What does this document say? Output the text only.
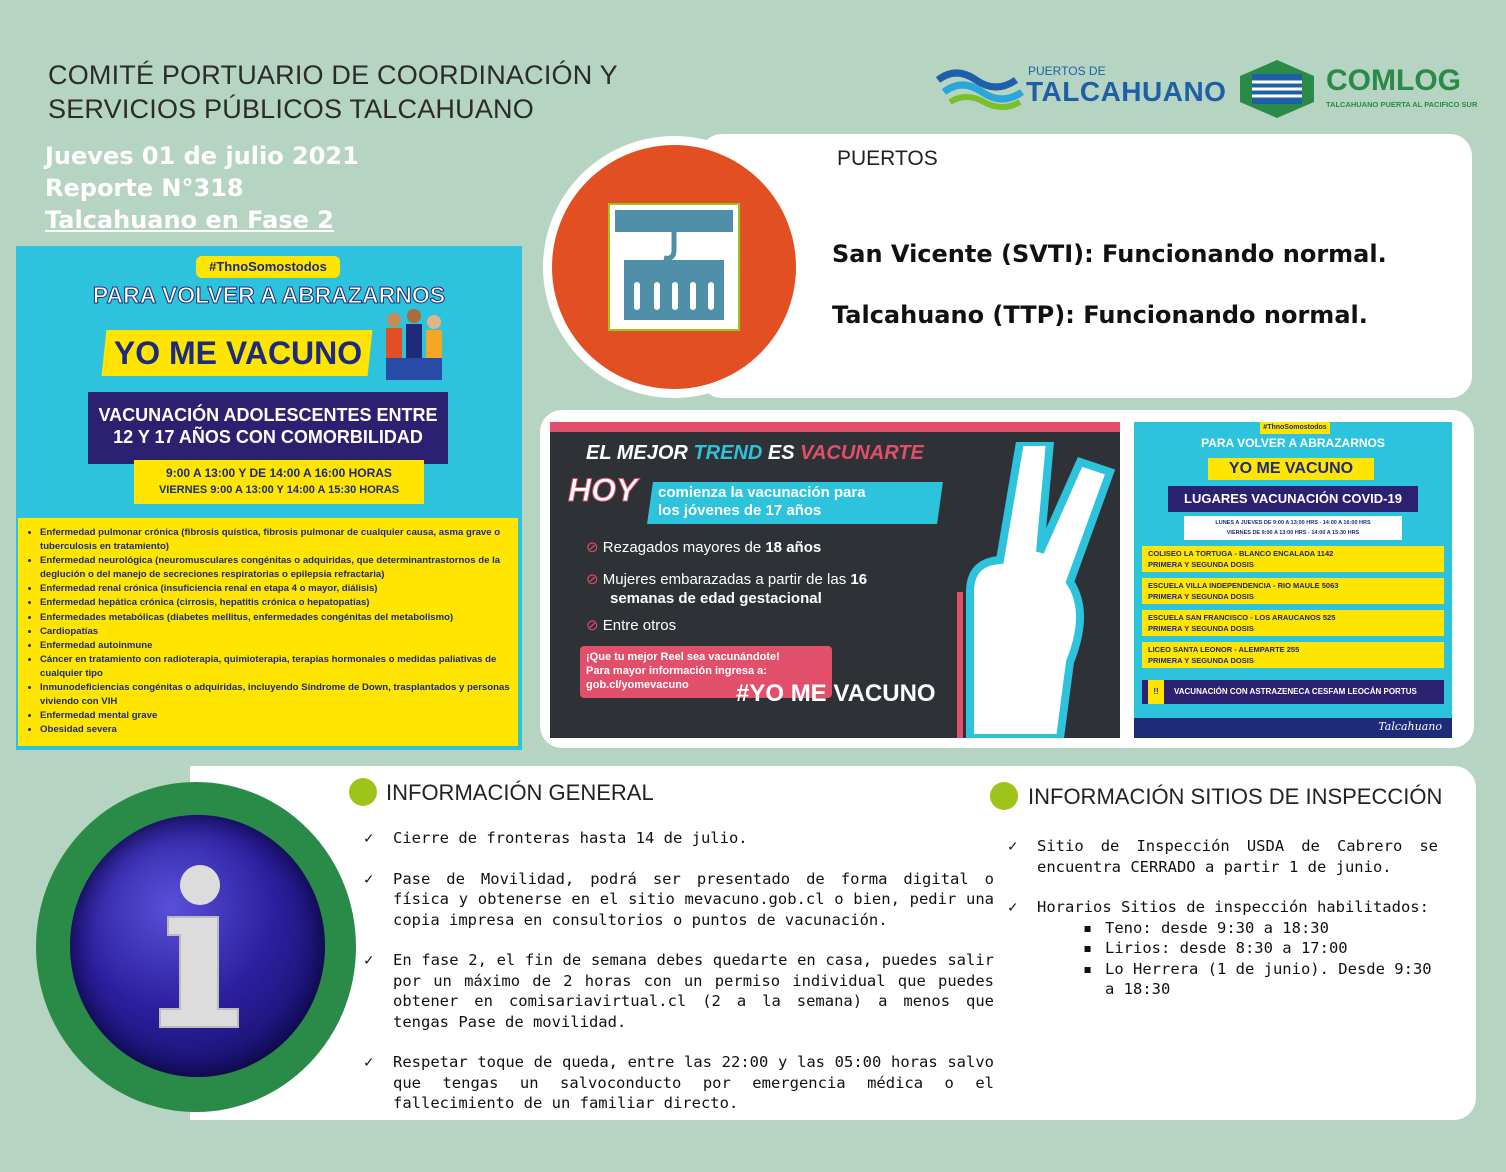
COMITÉ PORTUARIO DE COORDINACIÓN Y
SERVICIOS PÚBLICOS TALCAHUANO
Jueves 01 de julio 2021
Reporte N°318
Talcahuano en Fase 2
PUERTOS DE
TALCAHUANO	COMLOG
TALCAHUANO PUERTA AL PACIFICO SUR
PUERTOS
San Vicente (SVTI): Funcionando normal.
Talcahuano (TTP): Funcionando normal.
#ThnoSomostodos
PARA VOLVER A ABRAZARNOS
YO ME VACUNO
VACUNACIÓN ADOLESCENTES ENTRE
12 Y 17 AÑOS CON COMORBILIDAD
9:00 A 13:00 Y DE 14:00 A 16:00 HORAS
VIERNES 9:00 A 13:00 Y 14:00 A 15:30 HORAS
• Enfermedad pulmonar crónica (fibrosis quística, fibrosis pulmonar de cualquier causa, asma grave o tuberculosis en tratamiento)
• Enfermedad neurológica (neuromusculares congénitas o adquiridas, que determinantrastornos de la deglución o del manejo de secreciones respiratorias o epilepsia refractaria)
• Enfermedad renal crónica (insuficiencia renal en etapa 4 o mayor, diálisis)
• Enfermedad hepática crónica (cirrosis, hepatitis crónica o hepatopatías)
• Enfermedades metabólicas (diabetes mellitus, enfermedades congénitas del metabolismo)
• Cardiopatías
• Enfermedad autoinmune
• Cáncer en tratamiento con radioterapia, quimioterapia, terapias hormonales o medidas paliativas de cualquier tipo
• Inmunodeficiencias congénitas o adquiridas, incluyendo Síndrome de Down, trasplantados y personas viviendo con VIH
• Enfermedad mental grave
• Obesidad severa
EL MEJOR TREND ES VACUNARTE
HOY comienza la vacunación para
los jóvenes de 17 años
⊘ Rezagados mayores de 18 años
⊘ Mujeres embarazadas a partir de las 16
semanas de edad gestacional
⊘ Entre otros
¡Que tu mejor Reel sea vacunándote!
Para mayor información ingresa a:
gob.cl/yomevacuno	#YO ME VACUNO
#ThnoSomostodos
PARA VOLVER A ABRAZARNOS
YO ME VACUNO
LUGARES VACUNACIÓN COVID-19
LUNES A JUEVES DE 9:00 A 13:00 HRS - 14:00 A 16:00 HRS
VIERNES DE 9:00 A 13:00 HRS - 14:00 A 15:30 HRS
COLISEO LA TORTUGA - BLANCO ENCALADA 1142
PRIMERA Y SEGUNDA DOSIS
ESCUELA VILLA INDEPENDENCIA - RIO MAULE 5063
PRIMERA Y SEGUNDA DOSIS
ESCUELA SAN FRANCISCO - LOS ARAUCANOS 525
PRIMERA Y SEGUNDA DOSIS
LICEO SANTA LEONOR - ALEMPARTE 255
PRIMERA Y SEGUNDA DOSIS
!! VACUNACIÓN CON ASTRAZENECA CESFAM LEOCÁN PORTUS
Talcahuano
INFORMACIÓN GENERAL	INFORMACIÓN SITIOS DE INSPECCIÓN
✓ Cierre de fronteras hasta 14 de julio.
✓ Pase de Movilidad, podrá ser presentado de forma digital o física y obtenerse en el sitio mevacuno.gob.cl o bien, pedir una copia impresa en consultorios o puntos de vacunación.
✓ En fase 2, el fin de semana debes quedarte en casa, puedes salir por un máximo de 2 horas con un permiso individual que puedes obtener en comisariavirtual.cl (2 a la semana) a menos que tengas Pase de movilidad.
✓ Respetar toque de queda, entre las 22:00 y las 05:00 horas salvo que tengas un salvoconducto por emergencia médica o el fallecimiento de un familiar directo.
✓ Sitio de Inspección USDA de Cabrero se encuentra CERRADO a partir 1 de junio.
✓ Horarios Sitios de inspección habilitados:
▪ Teno: desde 9:30 a 18:30
▪ Lirios: desde 8:30 a 17:00
▪ Lo Herrera (1 de junio). Desde 9:30 a 18:30
